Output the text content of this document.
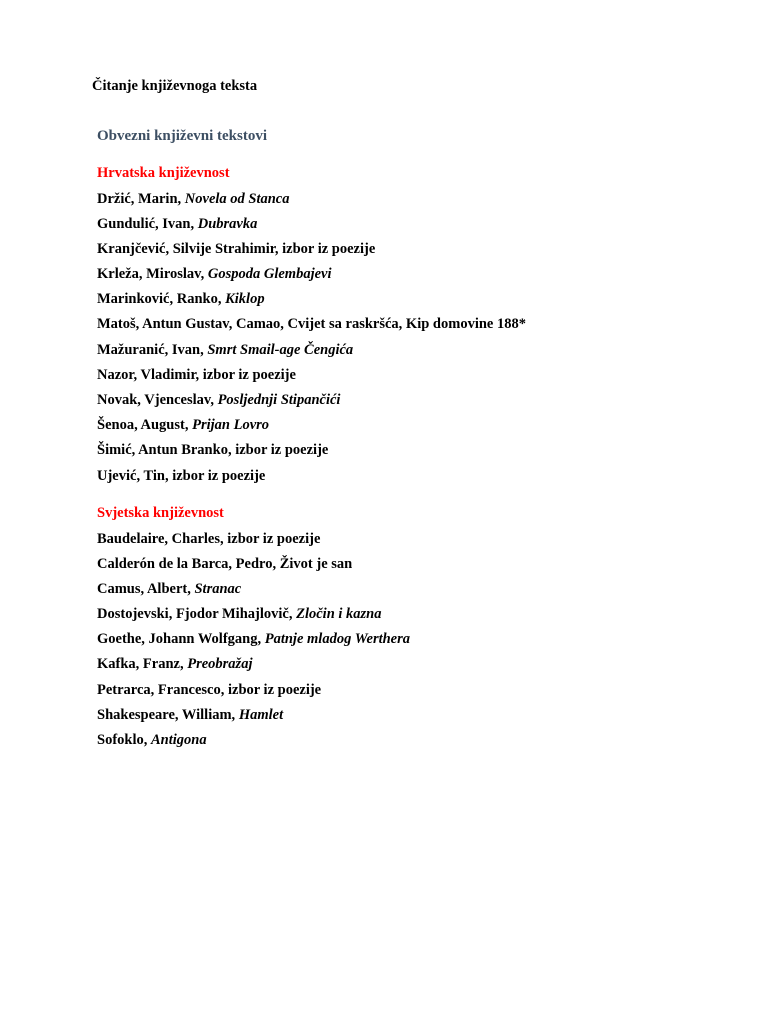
Čitanje književnoga teksta
Obvezni književni tekstovi
Hrvatska književnost
Držić, Marin, Novela od Stanca
Gundulić, Ivan, Dubravka
Kranjčević, Silvije Strahimir, izbor iz poezije
Krleža, Miroslav, Gospoda Glembajevi
Marinković, Ranko, Kiklop
Matoš, Antun Gustav, Camao, Cvijet sa raskršća, Kip domovine 188*
Mažuranić, Ivan, Smrt Smail-age Čengića
Nazor, Vladimir, izbor iz poezije
Novak, Vjenceslav, Posljednji Stipančići
Šenoa, August, Prijan Lovro
Šimić, Antun Branko, izbor iz poezije
Ujević, Tin, izbor iz poezije
Svjetska književnost
Baudelaire, Charles, izbor iz poezije
Calderón de la Barca, Pedro, Život je san
Camus, Albert, Stranac
Dostojevski, Fjodor Mihajlovič, Zločin i kazna
Goethe, Johann Wolfgang, Patnje mladog Werthera
Kafka, Franz, Preobražaj
Petrarca, Francesco, izbor iz poezije
Shakespeare, William, Hamlet
Sofoklo, Antigona
